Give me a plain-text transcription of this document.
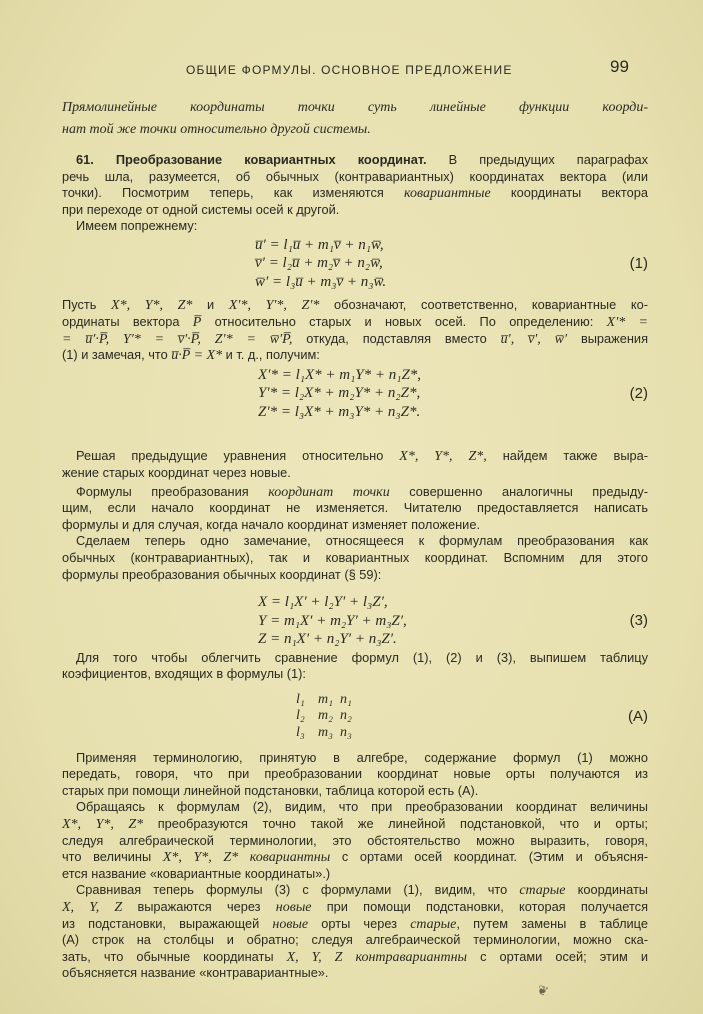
ОБЩИЕ ФОРМУЛЫ. ОСНОВНОЕ ПРЕДЛОЖЕНИЕ	99
Прямолинейные координаты точки суть линейные функции коорди-
нат той же точки относительно другой системы.
61. Преобразование ковариантных координат. В предыдущих параграфах
речь шла, разумеется, об обычных (контравариантных) координатах вектора (или
точки). Посмотрим теперь, как изменяются ковариантные координаты вектора
при переходе от одной системы осей к другой.
Имеем попрежнему:
u̅′ = l₁u̅ + m₁v̅ + n₁w̅,
v̅′ = l₂u̅ + m₂v̅ + n₂w̅,
w̅′ = l₃u̅ + m₃v̅ + n₃w̅.
(1)
Пусть X*, Y*, Z* и X′*, Y′*, Z′* обозначают, соответственно, ковариантные ко-
ординаты вектора P̅ относительно старых и новых осей. По определению: X′* =
= u̅′·P̅, Y′* = v̅′·P̅, Z′* = w̅′P̅, откуда, подставляя вместо u̅′, v̅′, w̅′ выражения
(1) и замечая, что u̅·P̅ = X* и т. д., получим:
X′* = l₁X* + m₁Y* + n₁Z*,
Y′* = l₂X* + m₂Y* + n₂Z*,
Z′* = l₃X* + m₃Y* + n₃Z*.
(2)
Решая предыдущие уравнения относительно X*, Y*, Z*, найдем также выра-
жение старых координат через новые.
Формулы преобразования координат точки совершенно аналогичны предыду-
щим, если начало координат не изменяется. Читателю предоставляется написать
формулы и для случая, когда начало координат изменяет положение.
Сделаем теперь одно замечание, относящееся к формулам преобразования как
обычных (контравариантных), так и ковариантных координат. Вспомним для этого
формулы преобразования обычных координат (§ 59):
X = l₁X′ + l₂Y′ + l₃Z′,
Y = m₁X′ + m₂Y′ + m₃Z′,
Z = n₁X′ + n₂Y′ + n₃Z′.
(3)
Для того чтобы облегчить сравнение формул (1), (2) и (3), выпишем таблицу
коэфициентов, входящих в формулы (1):
l₁ m₁ n₁
l₂ m₂ n₂
l₃ m₃ n₃
(A)
Применяя терминологию, принятую в алгебре, содержание формул (1) можно
передать, говоря, что при преобразовании координат новые орты получаются из
старых при помощи линейной подстановки, таблица которой есть (A).
Обращаясь к формулам (2), видим, что при преобразовании координат величины
X*, Y*, Z* преобразуются точно такой же линейной подстановкой, что и орты;
следуя алгебраической терминологии, это обстоятельство можно выразить, говоря,
что величины X*, Y*, Z* ковариантны с ортами осей координат. (Этим и объясня-
ется название «ковариантные координаты».)
Сравнивая теперь формулы (3) с формулами (1), видим, что старые координаты
X, Y, Z выражаются через новые при помощи подстановки, которая получается
из подстановки, выражающей новые орты через старые, путем замены в таблице
(A) строк на столбцы и обратно; следуя алгебраической терминологии, можно ска-
зать, что обычные координаты X, Y, Z контравариантны с ортами осей; этим и
объясняется название «контравариантные».
❦
